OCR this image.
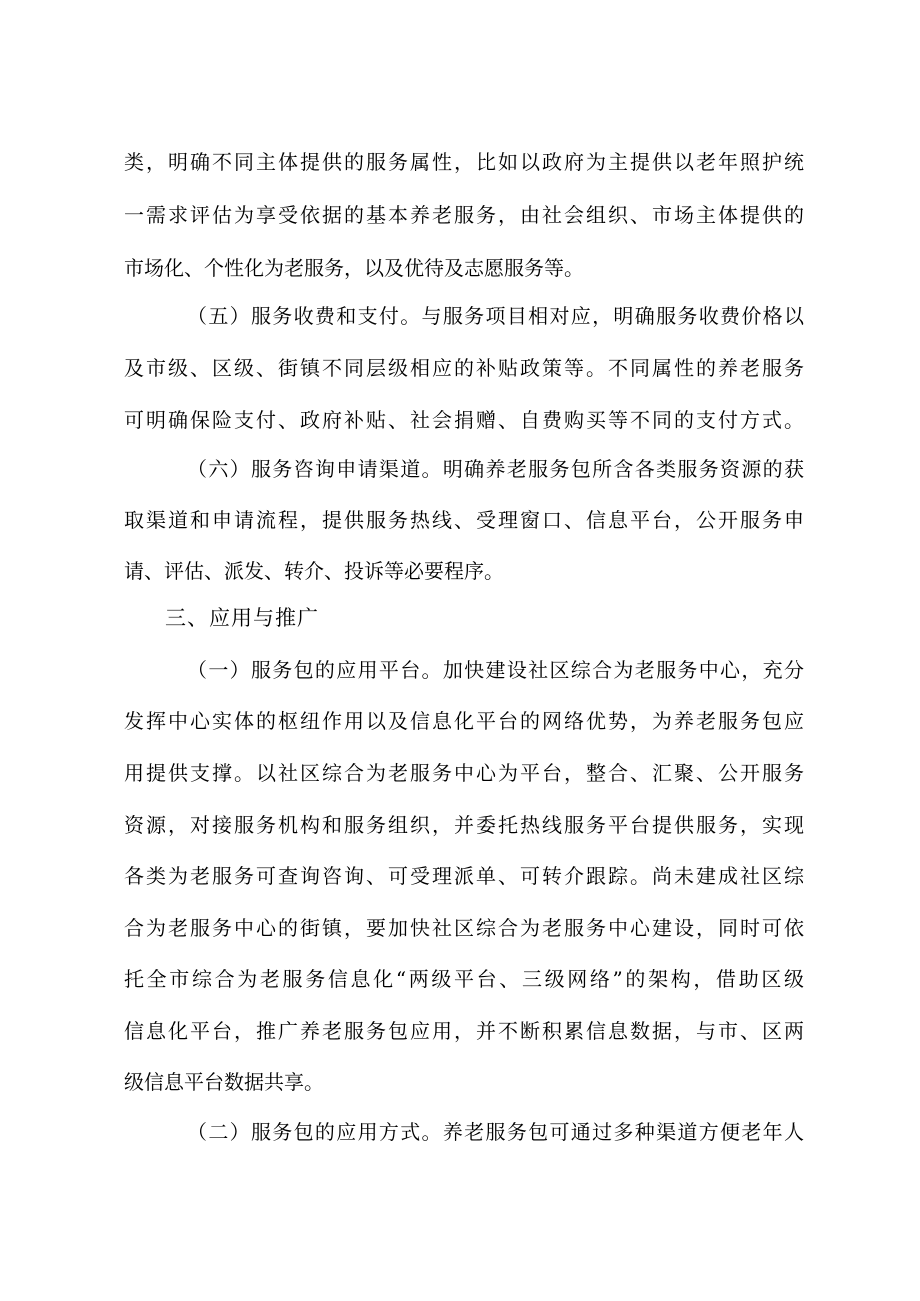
类，明确不同主体提供的服务属性，比如以政府为主提供以老年照护统
一需求评估为享受依据的基本养老服务，由社会组织、市场主体提供的
市场化、个性化为老服务，以及优待及志愿服务等。
（五）服务收费和支付。与服务项目相对应，明确服务收费价格以
及市级、区级、街镇不同层级相应的补贴政策等。不同属性的养老服务
可明确保险支付、政府补贴、社会捐赠、自费购买等不同的支付方式。
（六）服务咨询申请渠道。明确养老服务包所含各类服务资源的获
取渠道和申请流程，提供服务热线、受理窗口、信息平台，公开服务申
请、评估、派发、转介、投诉等必要程序。
三、应用与推广
（一）服务包的应用平台。加快建设社区综合为老服务中心，充分
发挥中心实体的枢纽作用以及信息化平台的网络优势，为养老服务包应
用提供支撑。以社区综合为老服务中心为平台，整合、汇聚、公开服务
资源，对接服务机构和服务组织，并委托热线服务平台提供服务，实现
各类为老服务可查询咨询、可受理派单、可转介跟踪。尚未建成社区综
合为老服务中心的街镇，要加快社区综合为老服务中心建设，同时可依
托全市综合为老服务信息化“两级平台、三级网络”的架构，借助区级
信息化平台，推广养老服务包应用，并不断积累信息数据，与市、区两
级信息平台数据共享。
（二）服务包的应用方式。养老服务包可通过多种渠道方便老年人
